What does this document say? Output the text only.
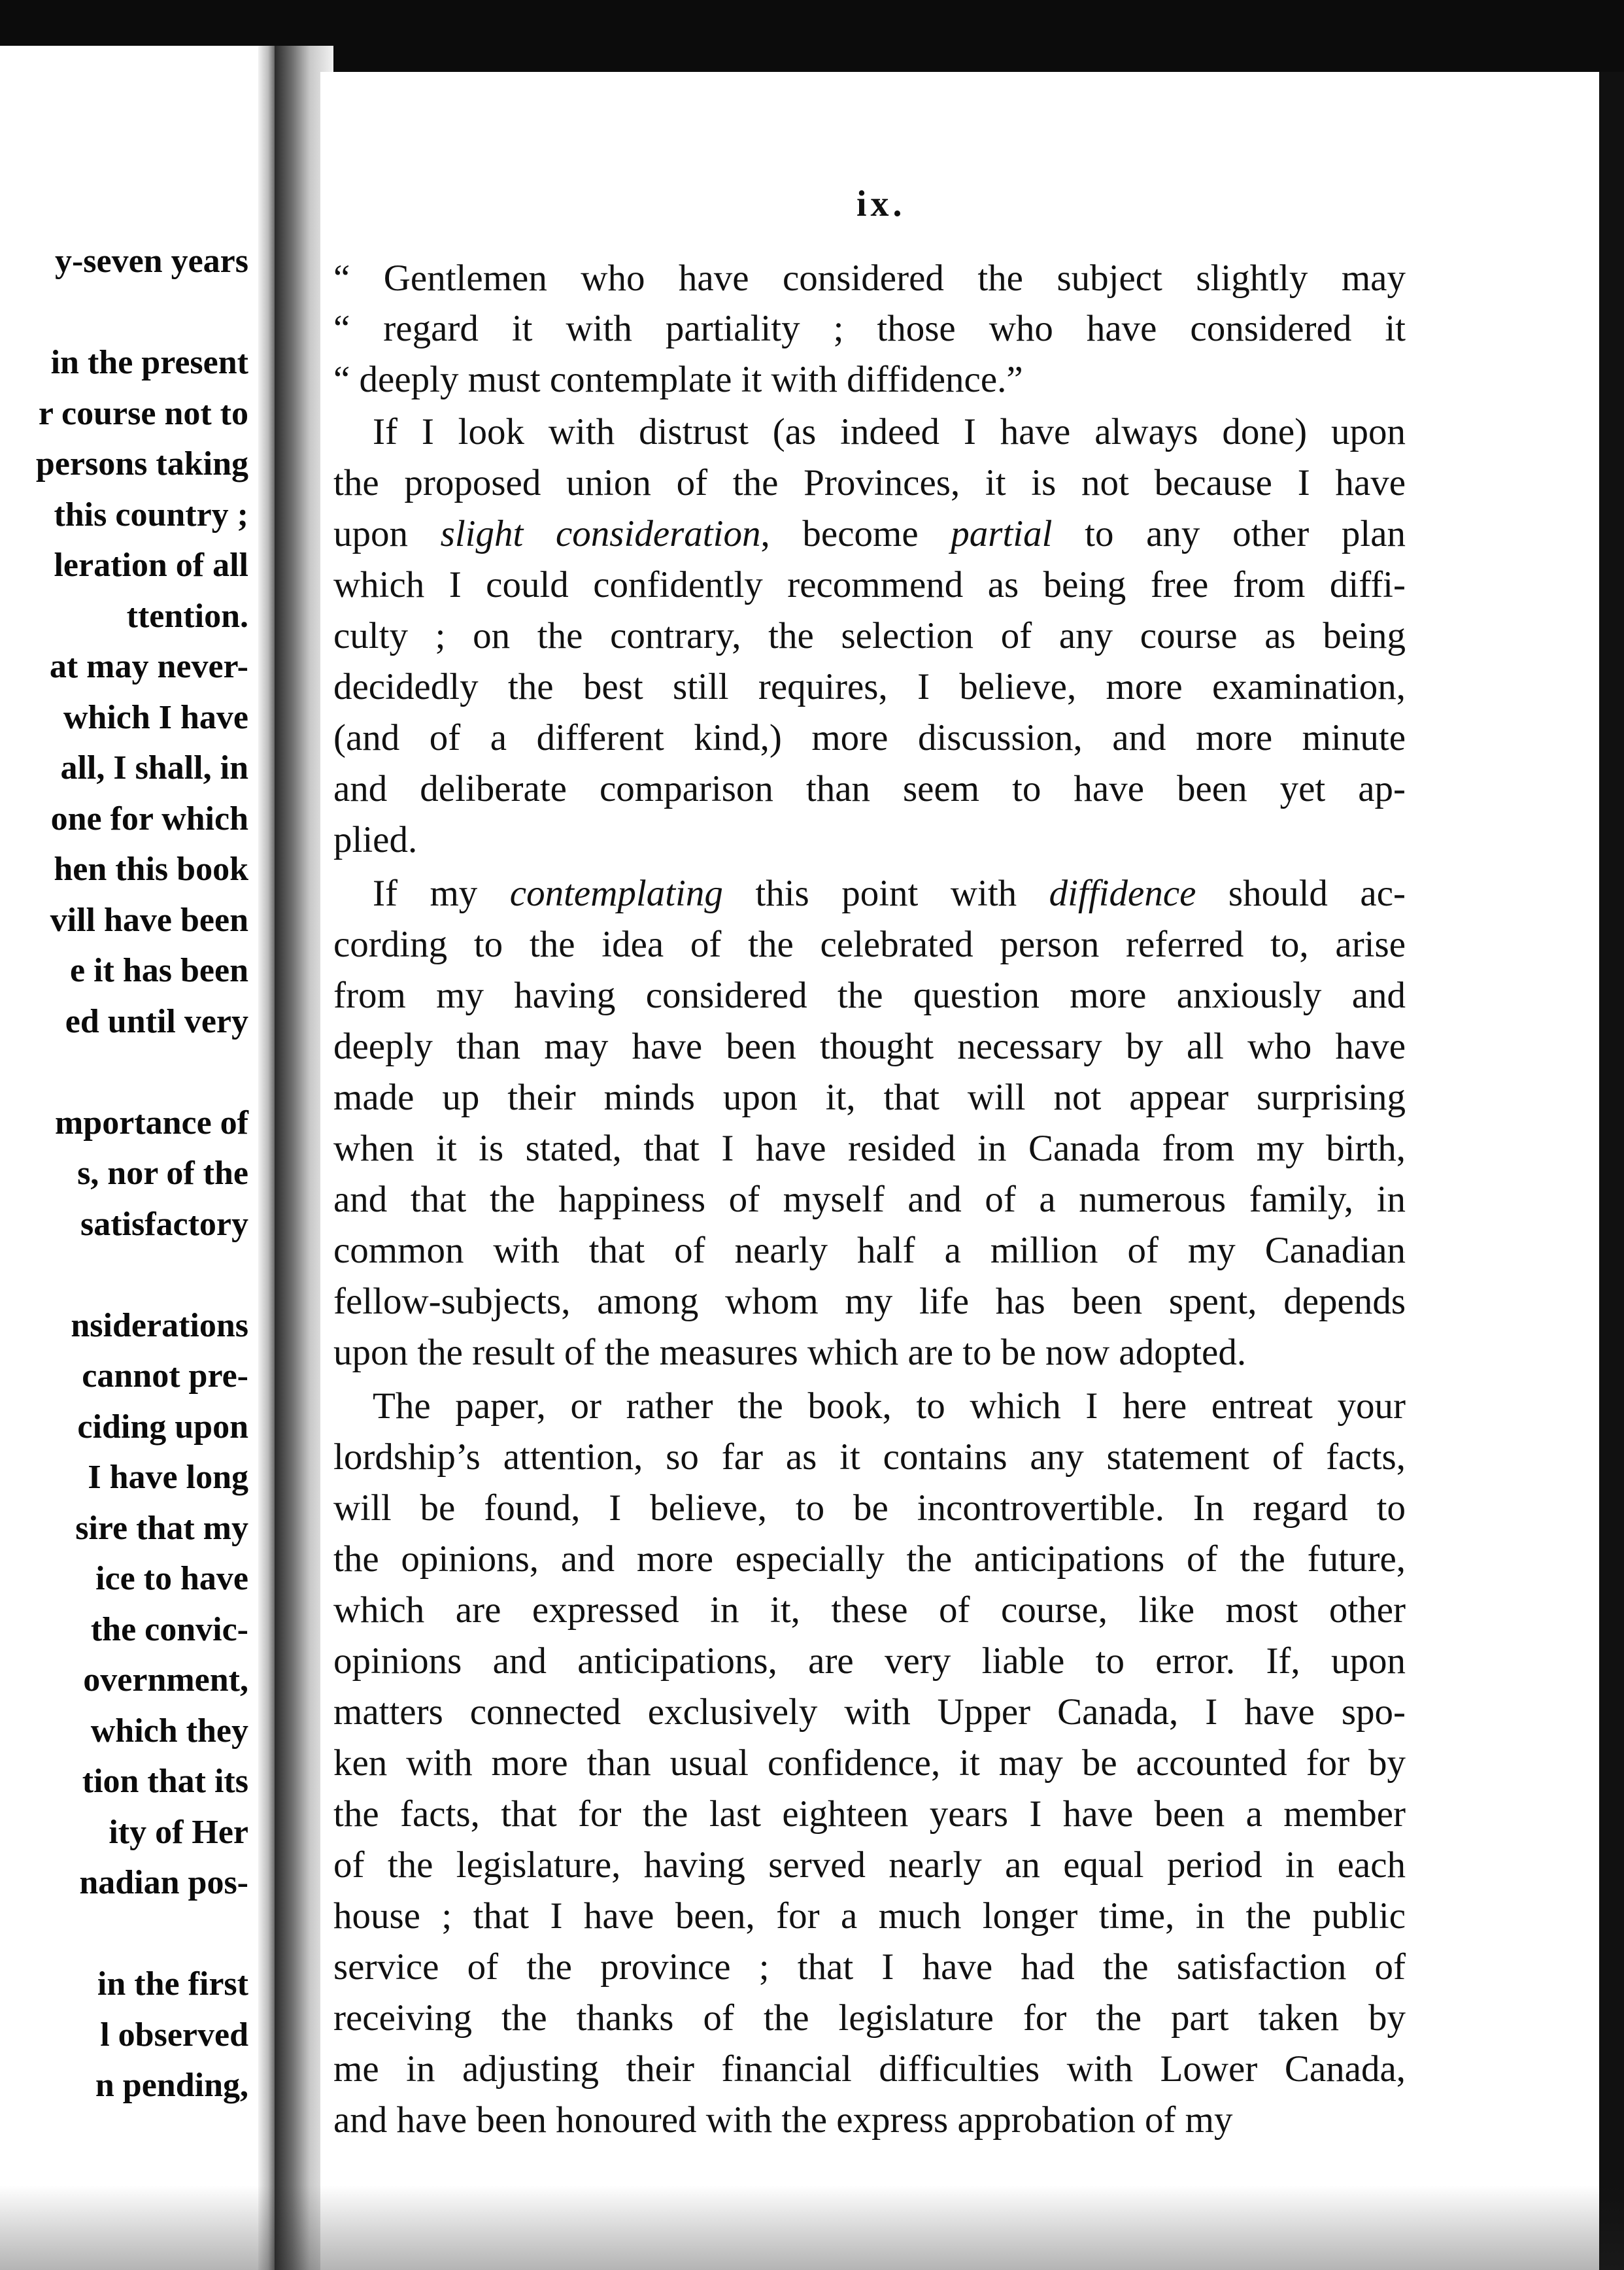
y-seven years
in the present
r course not to
persons taking
this country ;
leration of all
ttention.
at may never-
which I have
all, I shall, in
one for which
hen this book
vill have been
e it has been
ed until very
mportance of
s, nor of the
satisfactory
nsiderations
cannot pre-
ciding upon
I have long
sire that my
ice to have
the convic-
overnment,
which they
tion that its
ity of Her
nadian pos-
in the first
l observed
n pending,
ix.
“ Gentlemen who have considered the subject slightly may
“ regard it with partiality ; those who have considered it
“ deeply must contemplate it with diffidence.”
If I look with distrust (as indeed I have always done) upon
the proposed union of the Provinces, it is not because I have
upon slight consideration, become partial to any other plan
which I could confidently recommend as being free from diffi-
culty ; on the contrary, the selection of any course as being
decidedly the best still requires, I believe, more examination,
(and of a different kind,) more discussion, and more minute
and deliberate comparison than seem to have been yet ap-
plied.
If my contemplating this point with diffidence should ac-
cording to the idea of the celebrated person referred to, arise
from my having considered the question more anxiously and
deeply than may have been thought necessary by all who have
made up their minds upon it, that will not appear surprising
when it is stated, that I have resided in Canada from my birth,
and that the happiness of myself and of a numerous family, in
common with that of nearly half a million of my Canadian
fellow-subjects, among whom my life has been spent, depends
upon the result of the measures which are to be now adopted.
The paper, or rather the book, to which I here entreat your
lordship’s attention, so far as it contains any statement of facts,
will be found, I believe, to be incontrovertible. In regard to
the opinions, and more especially the anticipations of the future,
which are expressed in it, these of course, like most other
opinions and anticipations, are very liable to error. If, upon
matters connected exclusively with Upper Canada, I have spo-
ken with more than usual confidence, it may be accounted for by
the facts, that for the last eighteen years I have been a member
of the legislature, having served nearly an equal period in each
house ; that I have been, for a much longer time, in the public
service of the province ; that I have had the satisfaction of
receiving the thanks of the legislature for the part taken by
me in adjusting their financial difficulties with Lower Canada,
and have been honoured with the express approbation of my
